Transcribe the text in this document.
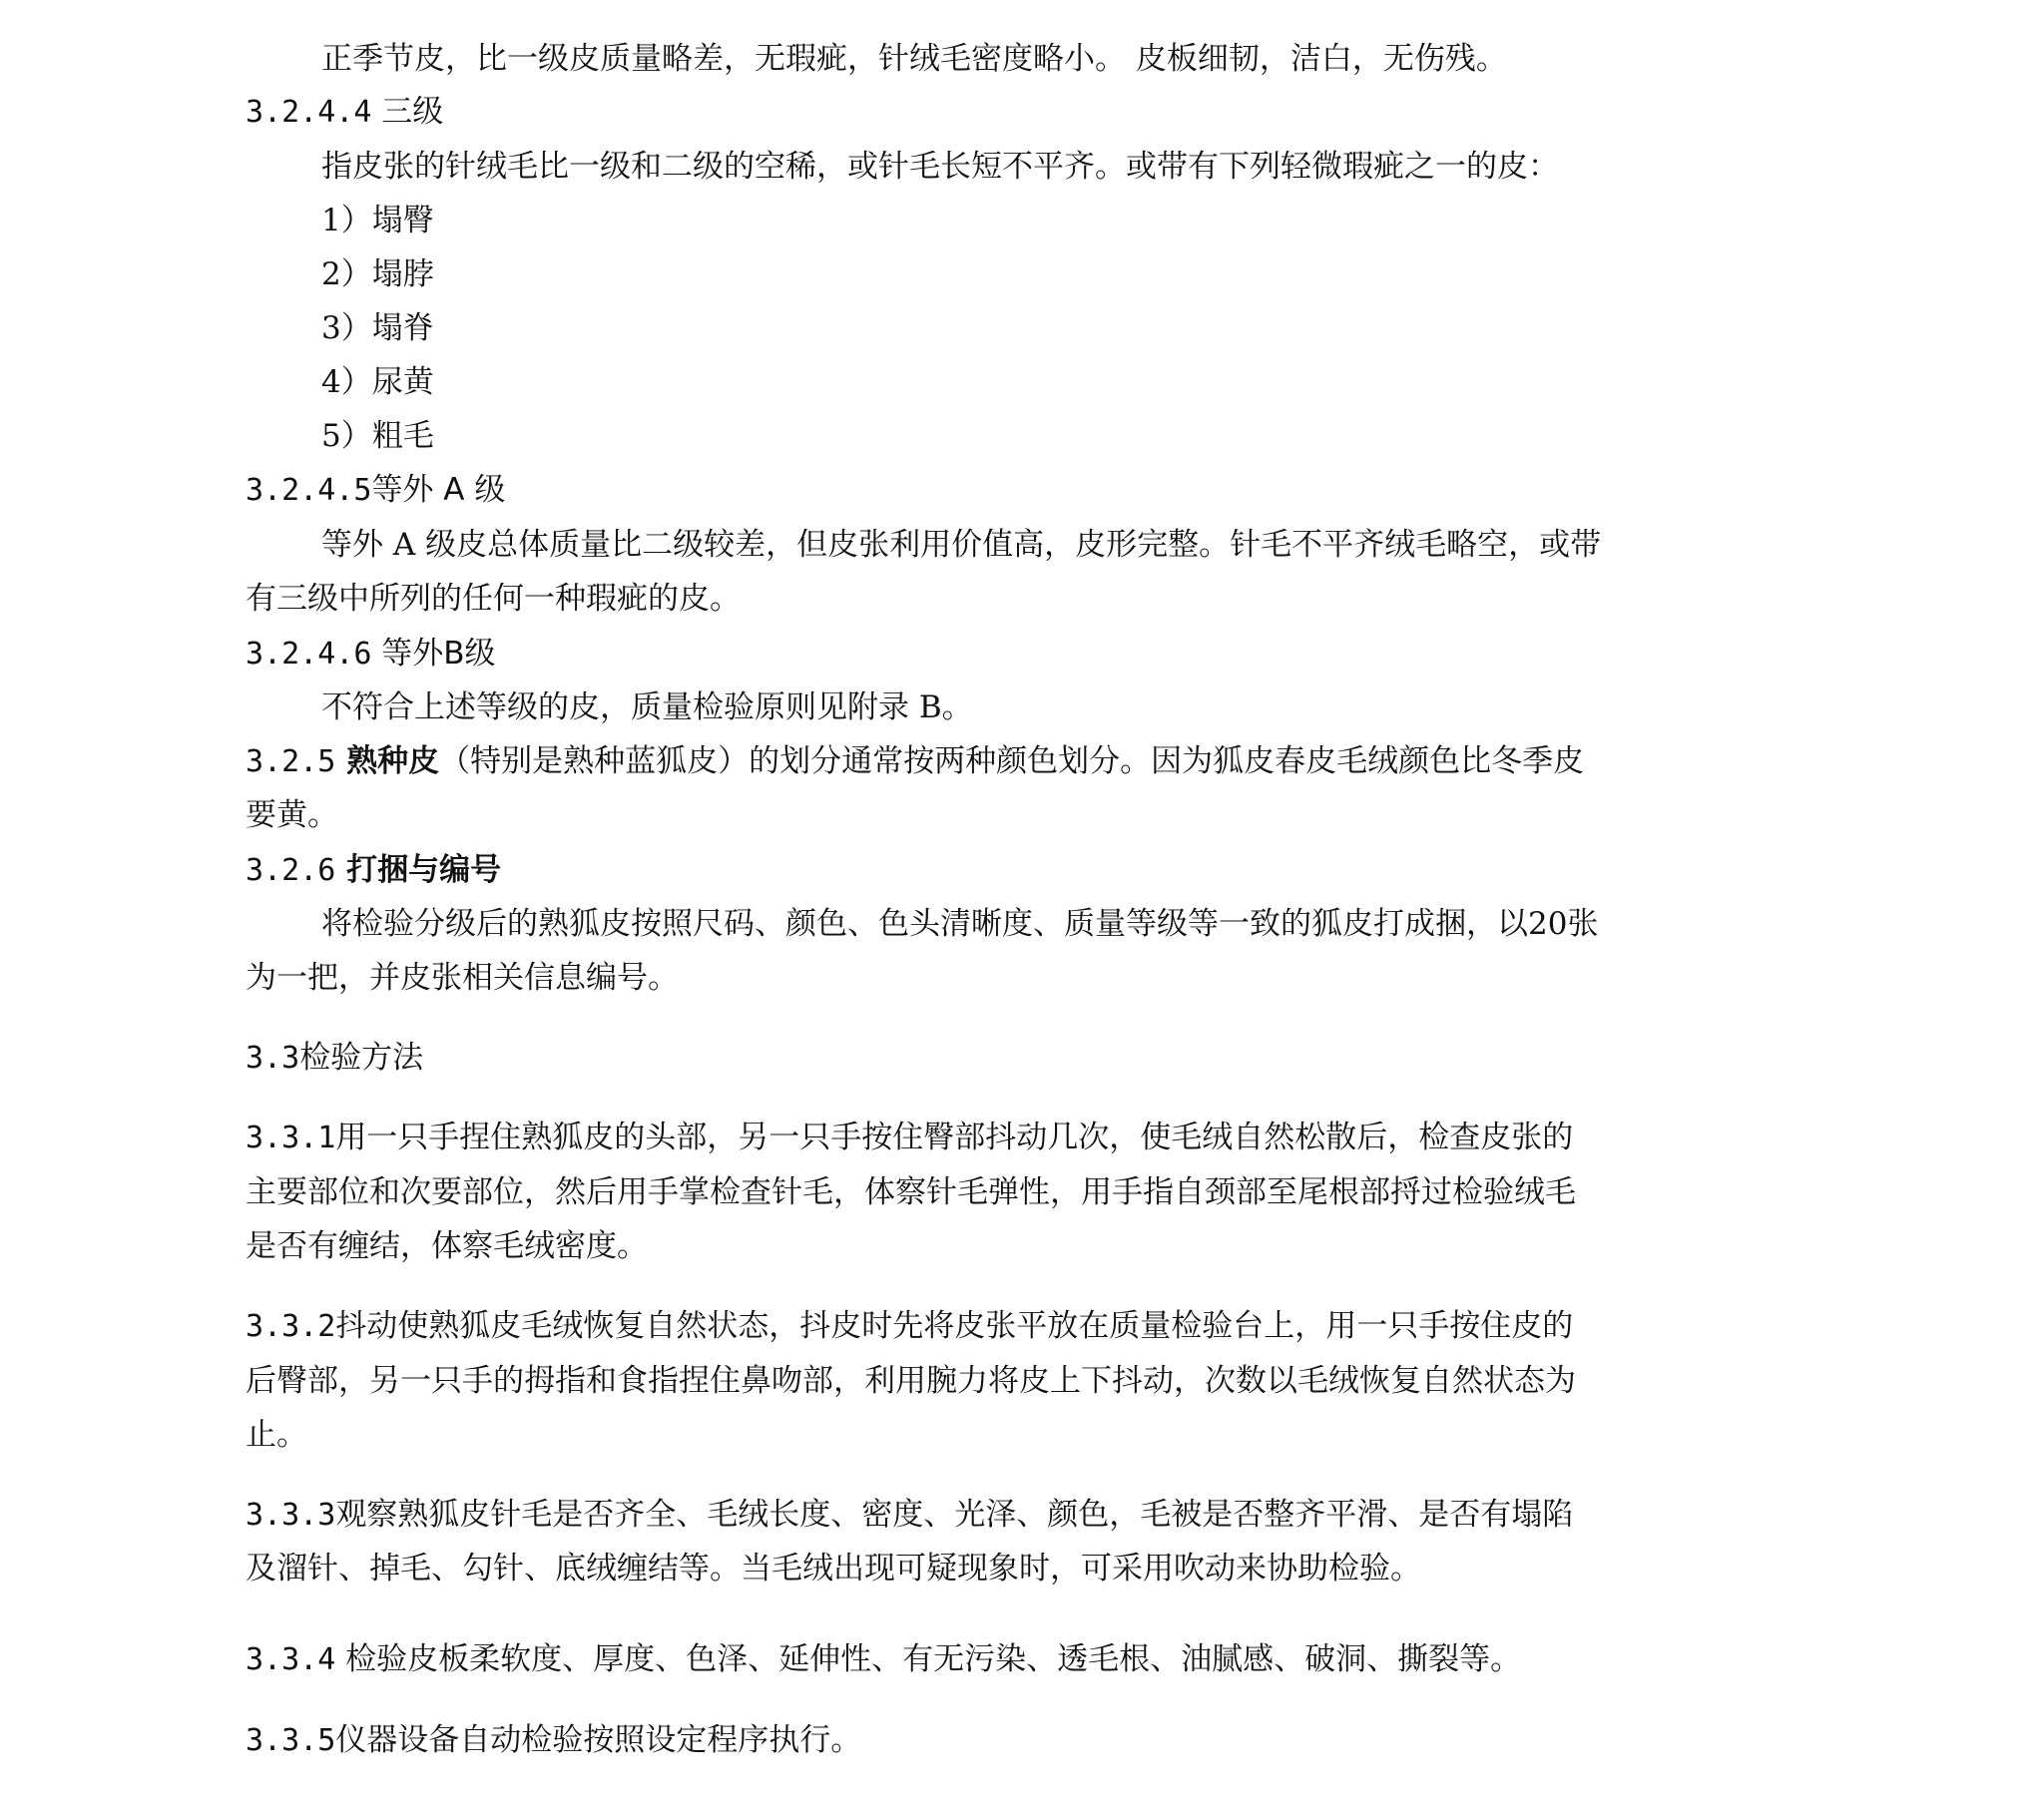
正季节皮，比一级皮质量略差，无瑕疵，针绒毛密度略小。 皮板细韧，洁白，无伤残。
3.2.4.4 三级
指皮张的针绒毛比一级和二级的空稀，或针毛长短不平齐。或带有下列轻微瑕疵之一的皮：
1）塌臀
2）塌脖
3）塌脊
4）尿黄
5）粗毛
3.2.4.5等外 A 级
等外 A 级皮总体质量比二级较差，但皮张利用价值高，皮形完整。针毛不平齐绒毛略空，或带
有三级中所列的任何一种瑕疵的皮。
3.2.4.6 等外B级
不符合上述等级的皮，质量检验原则见附录 B。
3.2.5 熟种皮（特别是熟种蓝狐皮）的划分通常按两种颜色划分。因为狐皮春皮毛绒颜色比冬季皮
要黄。
3.2.6 打捆与编号
将检验分级后的熟狐皮按照尺码、颜色、色头清晰度、质量等级等一致的狐皮打成捆，以20张
为一把，并皮张相关信息编号。
3.3检验方法
3.3.1用一只手捏住熟狐皮的头部，另一只手按住臀部抖动几次，使毛绒自然松散后，检查皮张的
主要部位和次要部位，然后用手掌检查针毛，体察针毛弹性，用手指自颈部至尾根部捋过检验绒毛
是否有缠结，体察毛绒密度。
3.3.2抖动使熟狐皮毛绒恢复自然状态，抖皮时先将皮张平放在质量检验台上，用一只手按住皮的
后臀部，另一只手的拇指和食指捏住鼻吻部，利用腕力将皮上下抖动，次数以毛绒恢复自然状态为
止。
3.3.3观察熟狐皮针毛是否齐全、毛绒长度、密度、光泽、颜色，毛被是否整齐平滑、是否有塌陷
及溜针、掉毛、勾针、底绒缠结等。当毛绒出现可疑现象时，可采用吹动来协助检验。
3.3.4 检验皮板柔软度、厚度、色泽、延伸性、有无污染、透毛根、油腻感、破洞、撕裂等。
3.3.5仪器设备自动检验按照设定程序执行。
